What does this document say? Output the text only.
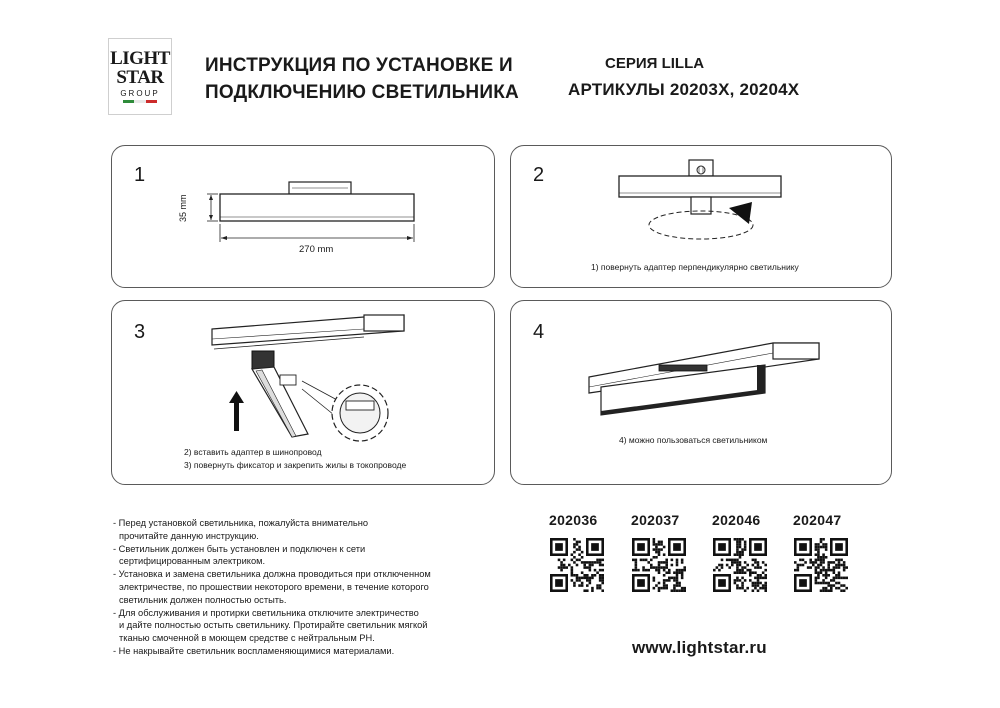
LIGHT
STAR
GROUP
ИНСТРУКЦИЯ ПО УСТАНОВКЕ И
ПОДКЛЮЧЕНИЮ СВЕТИЛЬНИКА
СЕРИЯ LILLA
АРТИКУЛЫ 20203X, 20204X
1
35 mm
270 mm
2
1) повернуть адаптер перпендикулярно светильнику
3
2) вставить адаптер в шинопровод
3) повернуть фиксатор и закрепить жилы в токопроводе
4
4) можно пользоваться светильником
- Перед установкой светильника, пожалуйста внимательно
прочитайте данную инструкцию.
- Светильник должен быть установлен и подключен к сети
сертифицированным электриком.
- Установка и замена светильника должна проводиться при отключенном
электричестве, по прошествии некоторого времени, в течение которого
светильник должен полностью остыть.
- Для обслуживания и протирки светильника отключите электричество
и дайте полностью остыть светильнику. Протирайте светильник мягкой
тканью смоченной в моющем средстве с нейтральным PH.
- Не накрывайте светильник воспламеняющимися материалами.
202036 202037 202046 202047
www.lightstar.ru
